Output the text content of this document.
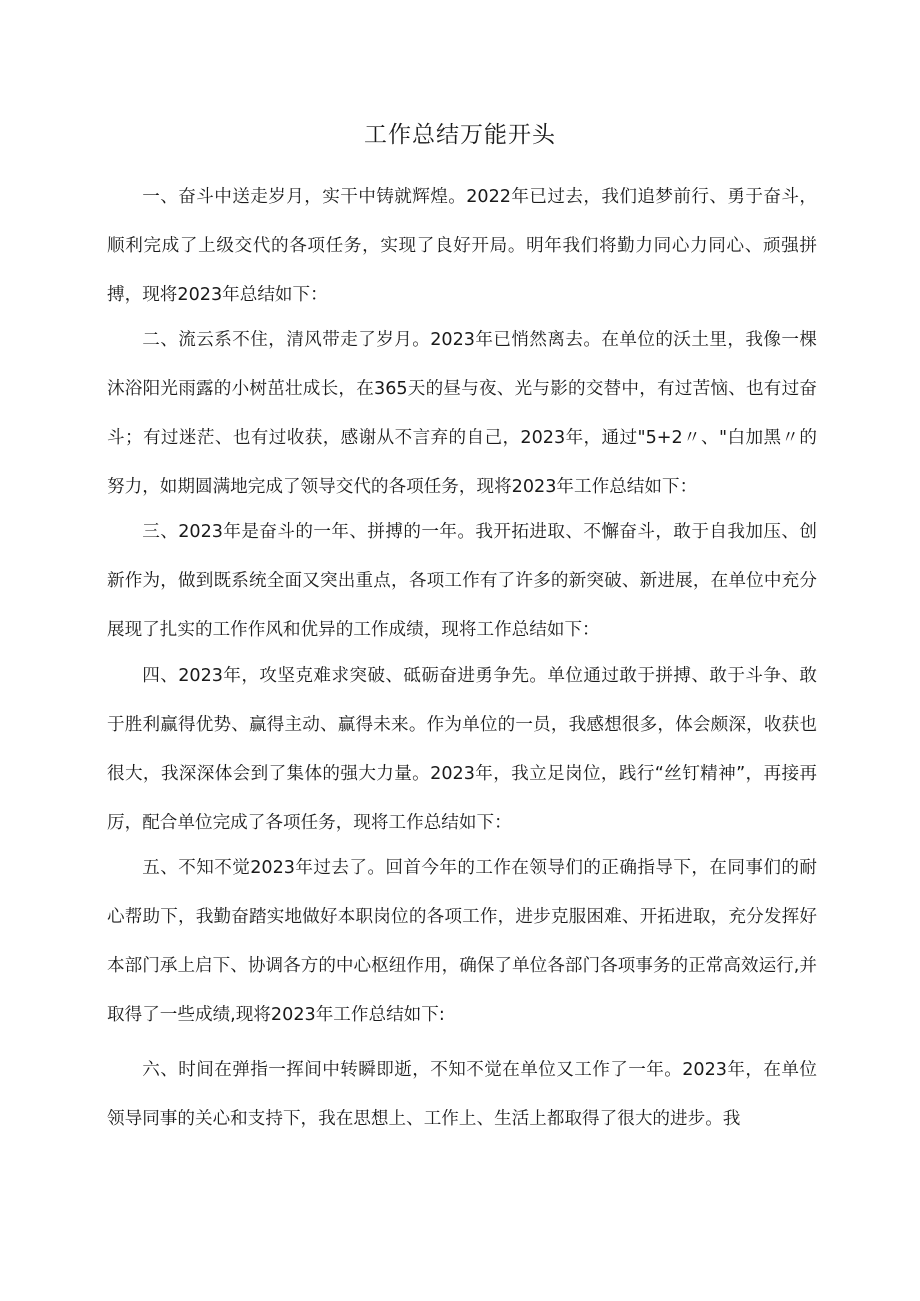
工作总结万能开头

一、奋斗中送走岁月，实干中铸就辉煌。2022年已过去，我们追梦前行、勇于奋斗，顺利完成了上级交代的各项任务，实现了良好开局。明年我们将勤力同心力同心、顽强拼搏，现将2023年总结如下：

二、流云系不住，清风带走了岁月。2023年已悄然离去。在单位的沃土里，我像一棵沐浴阳光雨露的小树茁壮成长，在365天的昼与夜、光与影的交替中，有过苦恼、也有过奋斗；有过迷茫、也有过收获，感谢从不言弃的自己，2023年，通过"5+2〃、"白加黑〃的努力，如期圆满地完成了领导交代的各项任务，现将2023年工作总结如下：

三、2023年是奋斗的一年、拼搏的一年。我开拓进取、不懈奋斗，敢于自我加压、创新作为，做到既系统全面又突出重点，各项工作有了许多的新突破、新进展，在单位中充分展现了扎实的工作作风和优异的工作成绩，现将工作总结如下：

四、2023年，攻坚克难求突破、砥砺奋进勇争先。单位通过敢于拼搏、敢于斗争、敢于胜利赢得优势、赢得主动、赢得未来。作为单位的一员，我感想很多，体会颇深，收获也很大，我深深体会到了集体的强大力量。2023年，我立足岗位，践行“丝钉精神”，再接再厉，配合单位完成了各项任务，现将工作总结如下：

五、不知不觉2023年过去了。回首今年的工作在领导们的正确指导下，在同事们的耐心帮助下，我勤奋踏实地做好本职岗位的各项工作，进步克服困难、开拓进取，充分发挥好本部门承上启下、协调各方的中心枢纽作用，确保了单位各部门各项事务的正常高效运行,并取得了一些成绩,现将2023年工作总结如下:

六、时间在弹指一挥间中转瞬即逝，不知不觉在单位又工作了一年。2023年，在单位领导同事的关心和支持下，我在思想上、工作上、生活上都取得了很大的进步。我
